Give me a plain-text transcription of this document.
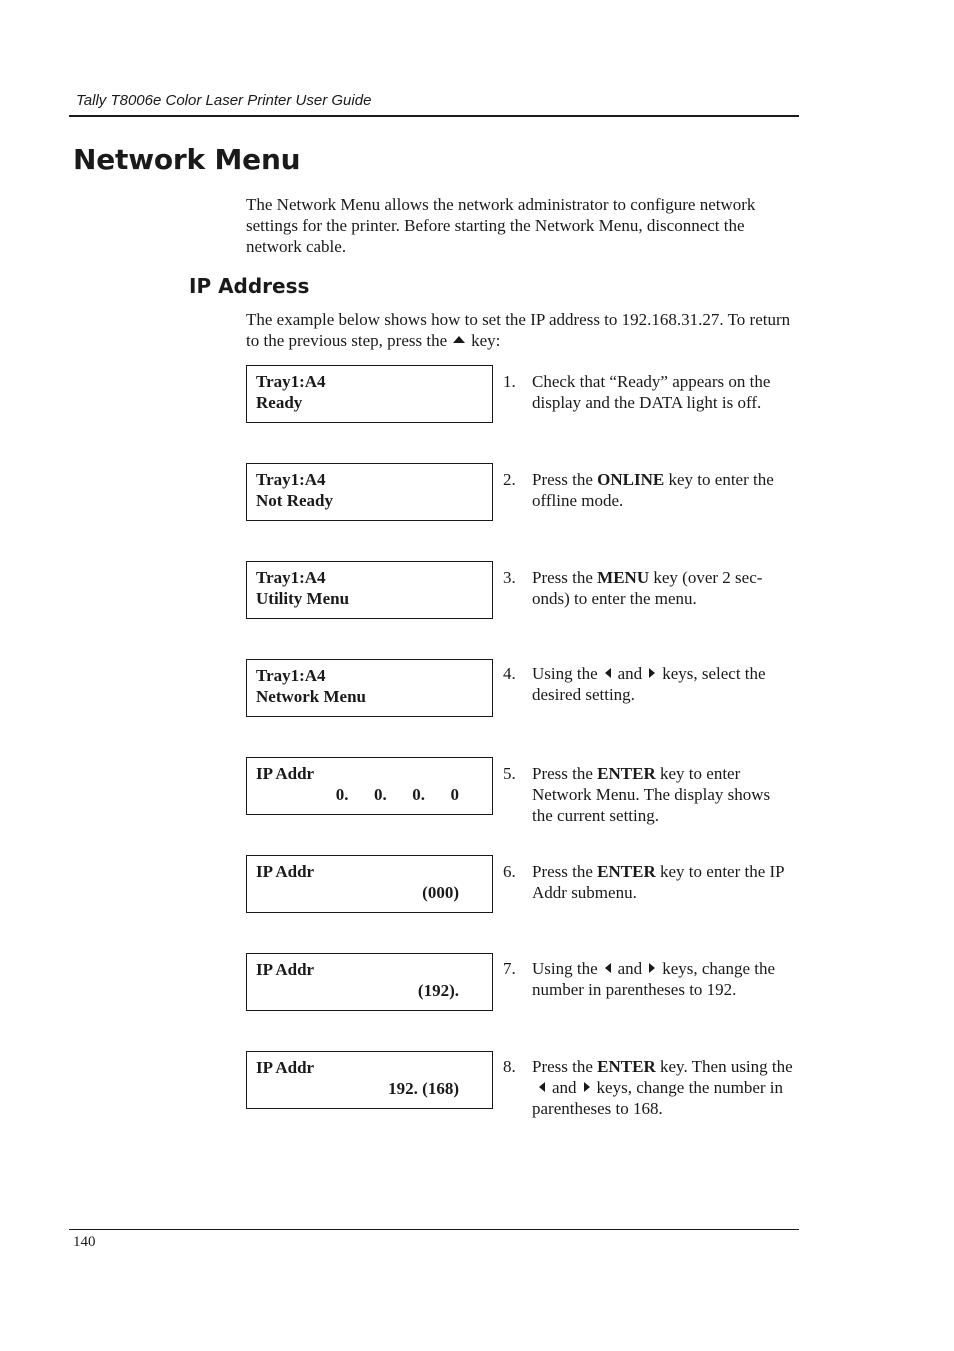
Tally T8006e Color Laser Printer User Guide
Network Menu

The Network Menu allows the network administrator to configure network settings for the printer. Before starting the Network Menu, disconnect the network cable.

IP Address

The example below shows how to set the IP address to 192.168.31.27. To return to the previous step, press the key:

Tray1:A4
Ready
1. Check that “Ready” appears on the display and the DATA light is off.
Tray1:A4
Not Ready
2. Press the ONLINE key to enter the offline mode.
Tray1:A4
Utility Menu
3. Press the MENU key (over 2 sec-onds) to enter the menu.
Tray1:A4
Network Menu
4. Using the and keys, select the desired setting.
IP Addr
0.      0.      0.      0
5. Press the ENTER key to enter Network Menu. The display shows the current setting.
IP Addr
(000)
6. Press the ENTER key to enter the IP Addr submenu.
IP Addr
(192).
7. Using the and keys, change the number in parentheses to 192.
IP Addr
192. (168)
8. Press the ENTER key. Then using theand keys, change the number in parentheses to 168.
140
